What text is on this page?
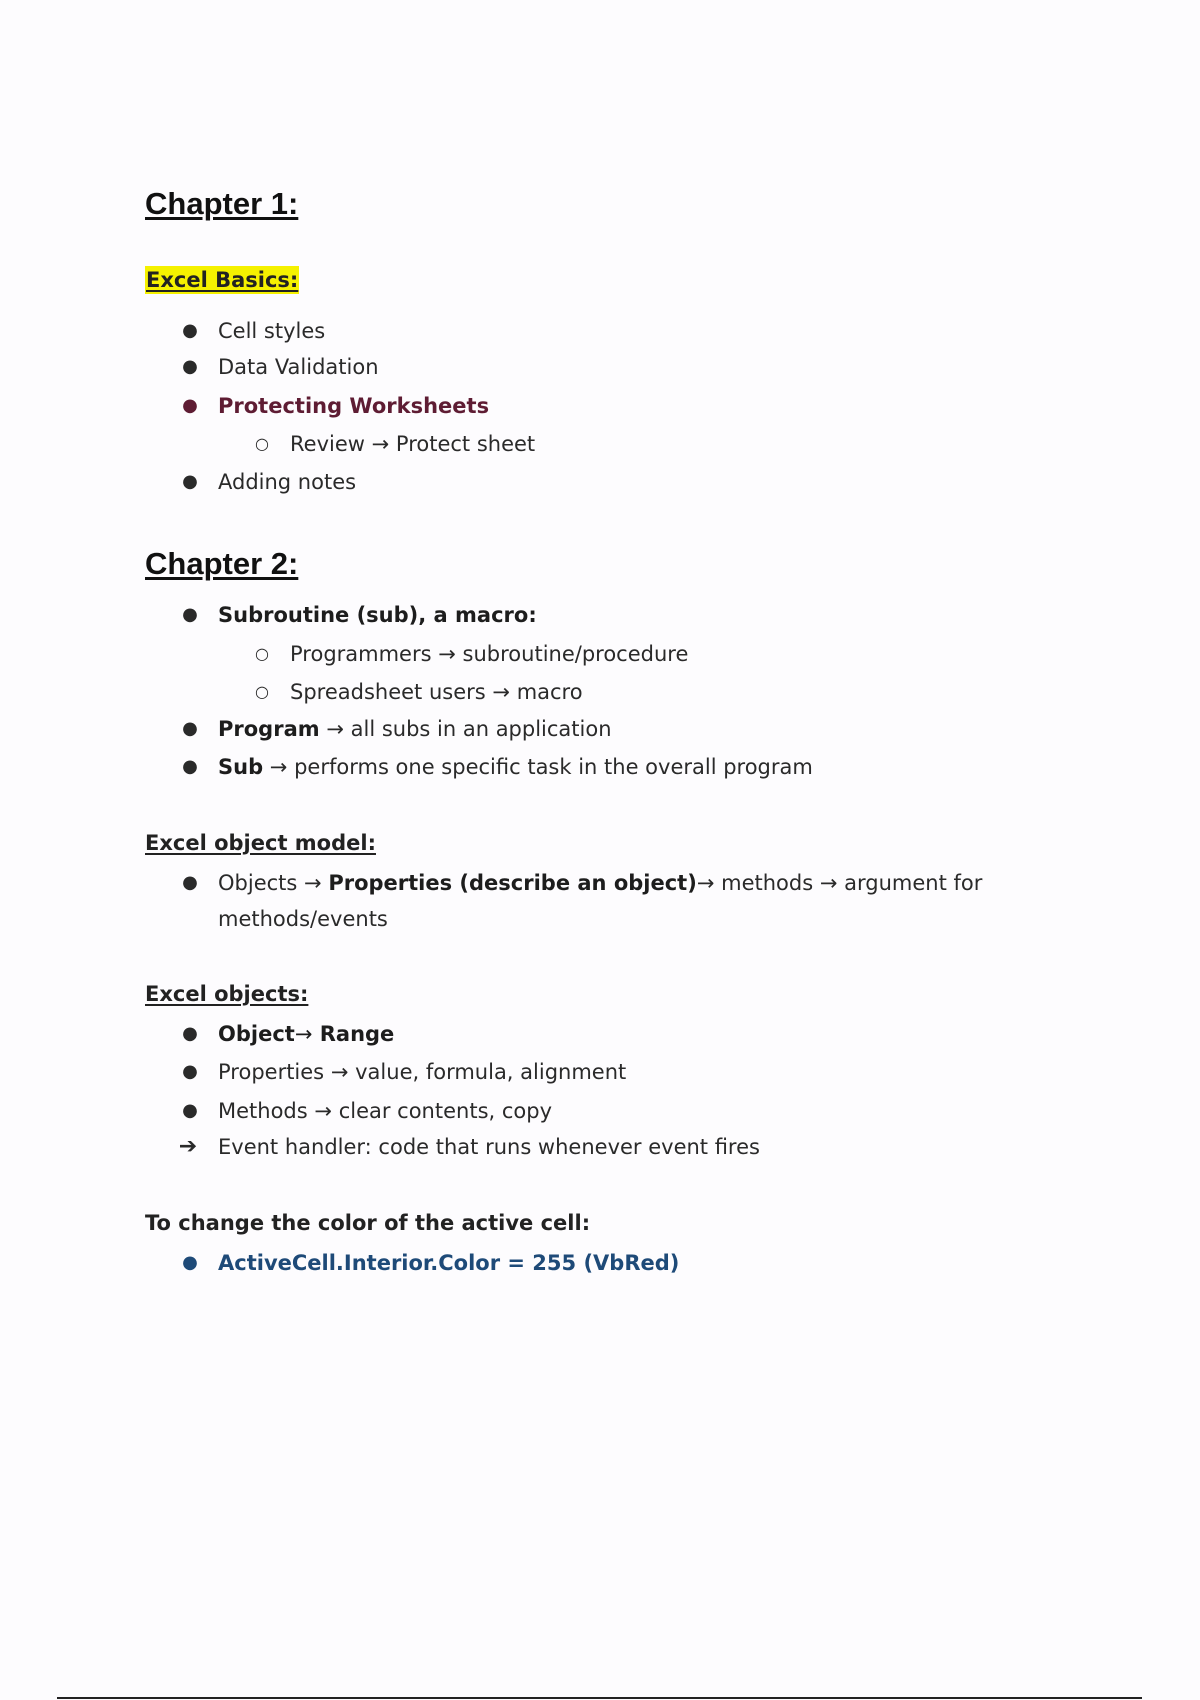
Chapter 1:
Excel Basics:
● Cell styles
● Data Validation
● Protecting Worksheets
○ Review → Protect sheet
● Adding notes
Chapter 2:
● Subroutine (sub), a macro:
○ Programmers → subroutine/procedure
○ Spreadsheet users → macro
● Program → all subs in an application
● Sub → performs one specific task in the overall program
Excel object model:
● Objects → Properties (describe an object)→ methods → argument for
methods/events
Excel objects:
● Object→ Range
● Properties → value, formula, alignment
● Methods → clear contents, copy
➔ Event handler: code that runs whenever event fires
To change the color of the active cell:
● ActiveCell.Interior.Color = 255 (VbRed)
